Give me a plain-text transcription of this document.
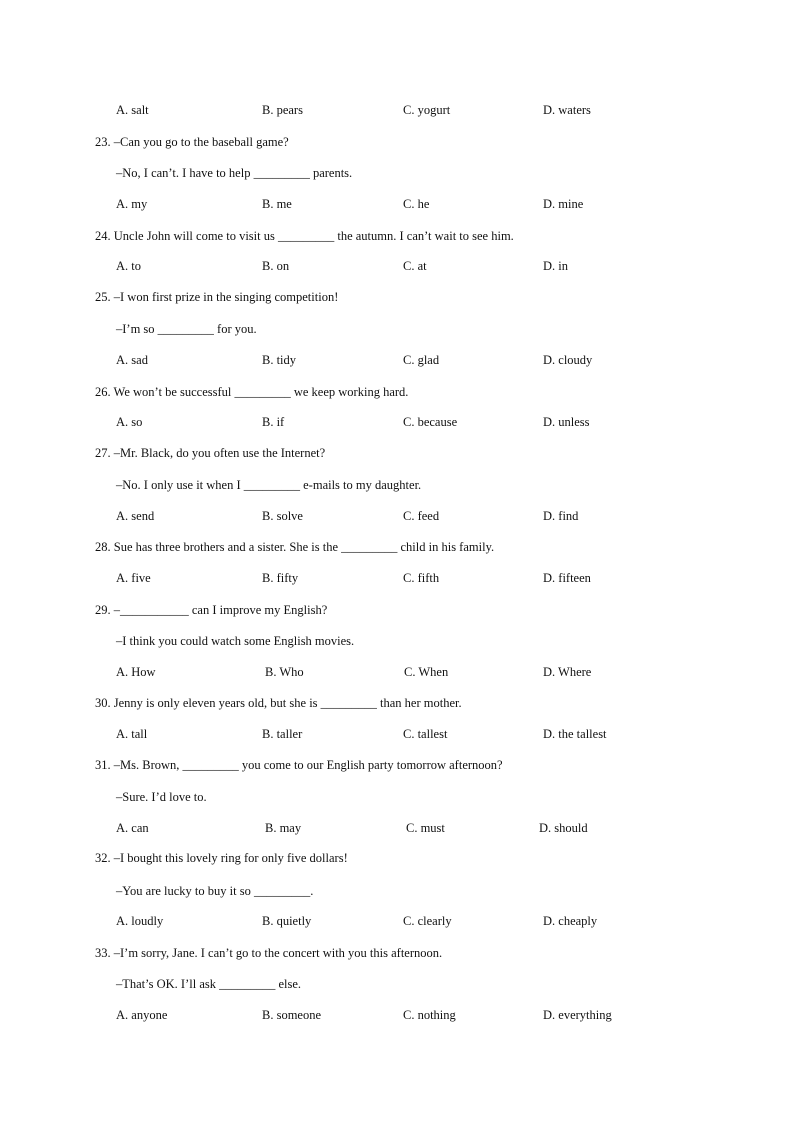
A. salt	B. pears	C. yogurt	D. waters
23. –Can you go to the baseball game?
–No, I can’t. I have to help _________ parents.
A. my	B. me	C. he	D. mine
24. Uncle John will come to visit us _________ the autumn. I can’t wait to see him.
A. to	B. on	C. at	D. in
25. –I won first prize in the singing competition!
–I’m so _________ for you.
A. sad	B. tidy	C. glad	D. cloudy
26. We won’t be successful _________ we keep working hard.
A. so	B. if	C. because	D. unless
27. –Mr. Black, do you often use the Internet?
–No. I only use it when I _________ e-mails to my daughter.
A. send	B. solve	C. feed	D. find
28. Sue has three brothers and a sister. She is the _________ child in his family.
A. five	B. fifty	C. fifth	D. fifteen
29. –___________ can I improve my English?
–I think you could watch some English movies.
A. How	B. Who	C. When	D. Where
30. Jenny is only eleven years old, but she is _________ than her mother.
A. tall	B. taller	C. tallest	D. the tallest
31. –Ms. Brown, _________ you come to our English party tomorrow afternoon?
–Sure. I’d love to.
A. can	B. may	C. must	D. should
32. –I bought this lovely ring for only five dollars!
–You are lucky to buy it so _________.
A. loudly	B. quietly	C. clearly	D. cheaply
33. –I’m sorry, Jane. I can’t go to the concert with you this afternoon.
–That’s OK. I’ll ask _________ else.
A. anyone	B. someone	C. nothing	D. everything
